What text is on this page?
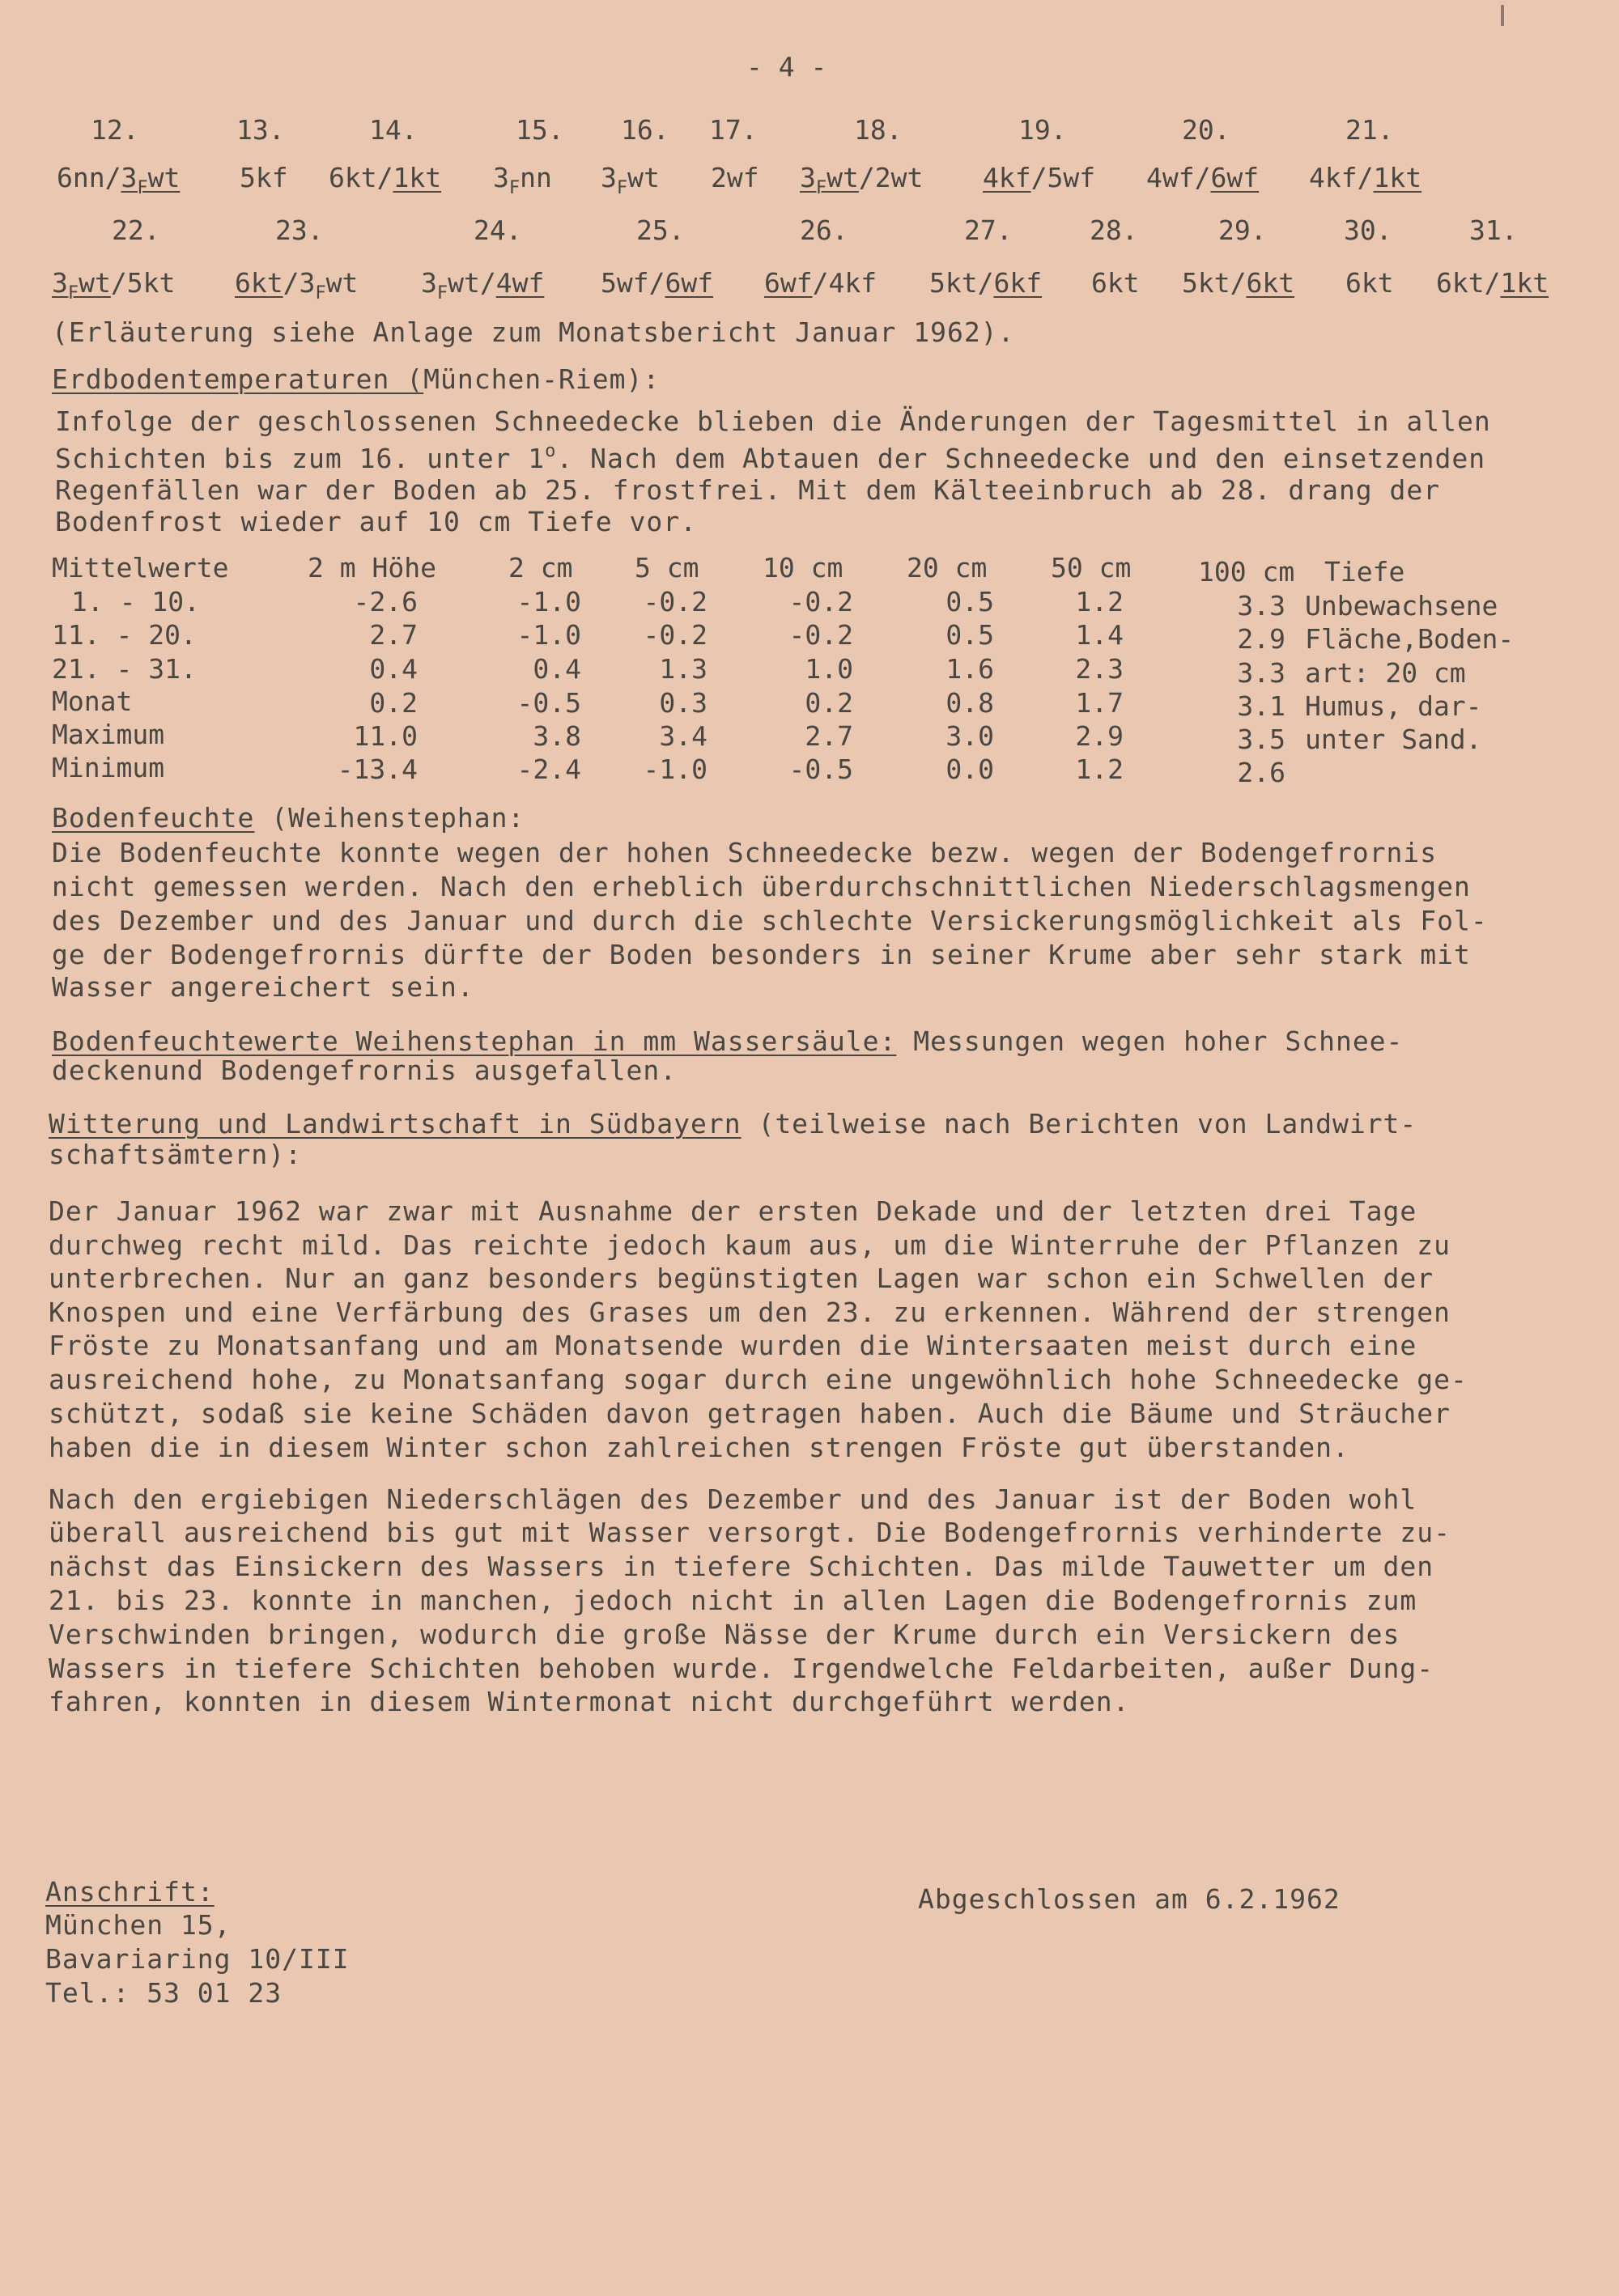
- 4 -
12.	13.	14.	15. 16. 17.	18.	19.	20.	21.
$6nn/3_Fwt$ 5kf 6kt/1kt $3_Fnn$ $3_Fwt$ 2wf $3_Fwt/2wt$ 4kf/5wf 4wf/6wf 4kf/1kt
22.	23.	24.	25.	26.	27.	28.	29.	30.	31.
$3_Fwt/5kt$ $6kt/3_Fwt$ $3_Fwt/4wf$ 5wf/6wf 6wf/4kf 5kt/6kf 6kt 5kt/6kt 6kt 6kt/1kt
(Erläuterung siehe Anlage zum Monatsbericht Januar 1962).
Erdbodentemperaturen (München-Riem):
Infolge der geschlossenen Schneedecke blieben die Änderungen der Tagesmittel in allen
Schichten bis zum 16. unter 1$^o$. Nach dem Abtauen der Schneedecke und den einsetzenden
Regenfällen war der Boden ab 25. frostfrei. Mit dem Kälteeinbruch ab 28. drang der
Bodenfrost wieder auf 10 cm Tiefe vor.
Mittelwerte	2 m Höhe	2 cm 5 cm 10 cm 20 cm 50 cm	100 cm Tiefe
1. - 10.	-2.6	-1.0	-0.2	-0.2	0.5	1.2	3.3 Unbewachsene
11. - 20.	2.7	-1.0	-0.2	-0.2	0.5	1.4	2.9 Fläche,Boden-
21. - 31.	0.4	0.4	1.3	1.0	1.6	2.3	3.3 art: 20 cm
Monat	0.2	-0.5	0.3	0.2	0.8	1.7	3.1 Humus, dar-
Maximum	11.0	3.8	3.4	2.7	3.0	2.9	3.5 unter Sand.
Minimum	-13.4	-2.4	-1.0	-0.5	0.0	1.2	2.6
Bodenfeuchte (Weihenstephan:
Die Bodenfeuchte konnte wegen der hohen Schneedecke bezw. wegen der Bodengefrornis
nicht gemessen werden. Nach den erheblich überdurchschnittlichen Niederschlagsmengen
des Dezember und des Januar und durch die schlechte Versickerungsmöglichkeit als Fol-
ge der Bodengefrornis dürfte der Boden besonders in seiner Krume aber sehr stark mit
Wasser angereichert sein.
Bodenfeuchtewerte Weihenstephan in mm Wassersäule: Messungen wegen hoher Schnee-
deckenund Bodengefrornis ausgefallen.
Witterung und Landwirtschaft in Südbayern (teilweise nach Berichten von Landwirt-
schaftsämtern):
Der Januar 1962 war zwar mit Ausnahme der ersten Dekade und der letzten drei Tage
durchweg recht mild. Das reichte jedoch kaum aus, um die Winterruhe der Pflanzen zu
unterbrechen. Nur an ganz besonders begünstigten Lagen war schon ein Schwellen der
Knospen und eine Verfärbung des Grases um den 23. zu erkennen. Während der strengen
Fröste zu Monatsanfang und am Monatsende wurden die Wintersaaten meist durch eine
ausreichend hohe, zu Monatsanfang sogar durch eine ungewöhnlich hohe Schneedecke ge-
schützt, sodaß sie keine Schäden davon getragen haben. Auch die Bäume und Sträucher
haben die in diesem Winter schon zahlreichen strengen Fröste gut überstanden.
Nach den ergiebigen Niederschlägen des Dezember und des Januar ist der Boden wohl
überall ausreichend bis gut mit Wasser versorgt. Die Bodengefrornis verhinderte zu-
nächst das Einsickern des Wassers in tiefere Schichten. Das milde Tauwetter um den
21. bis 23. konnte in manchen, jedoch nicht in allen Lagen die Bodengefrornis zum
Verschwinden bringen, wodurch die große Nässe der Krume durch ein Versickern des
Wassers in tiefere Schichten behoben wurde. Irgendwelche Feldarbeiten, außer Dung-
fahren, konnten in diesem Wintermonat nicht durchgeführt werden.
Anschrift:
München 15,
Bavariaring 10/III
Tel.: 53 01 23
Abgeschlossen am 6.2.1962
